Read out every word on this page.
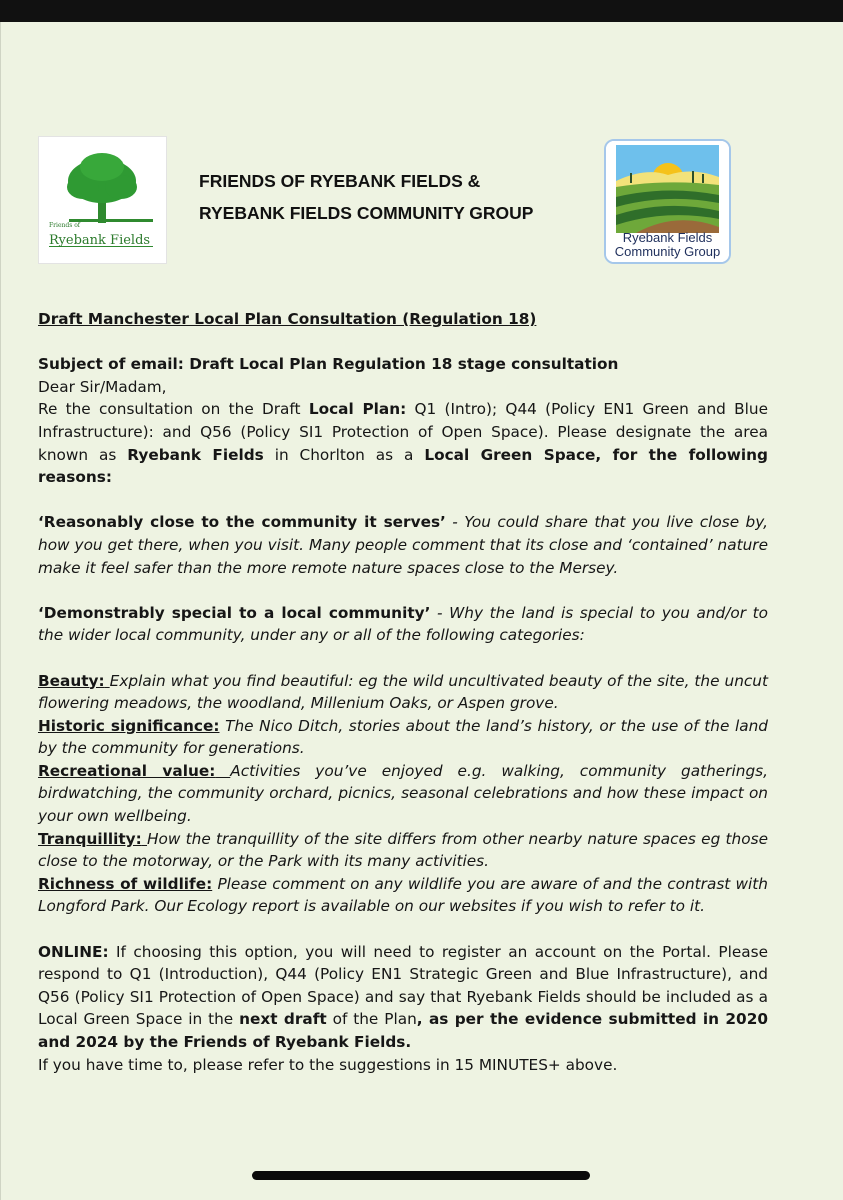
Friends of
Ryebank Fields
FRIENDS OF RYEBANK FIELDS &
RYEBANK FIELDS COMMUNITY GROUP
Ryebank Fields
Community Group

Draft Manchester Local Plan Consultation (Regulation 18)

Subject of email: Draft Local Plan Regulation 18 stage consultation

Dear Sir/Madam,

Re the consultation on the Draft Local Plan: Q1 (Intro); Q44 (Policy EN1 Green and Blue Infrastructure): and Q56 (Policy SI1 Protection of Open Space). Please designate the area known as Ryebank Fields in Chorlton as a Local Green Space, for the following reasons:

‘Reasonably close to the community it serves’ - You could share that you live close by, how you get there, when you visit. Many people comment that its close and ‘contained’ nature make it feel safer than the more remote nature spaces close to the Mersey.

‘Demonstrably special to a local community’ - Why the land is special to you and/or to the wider local community, under any or all of the following categories:

Beauty: Explain what you find beautiful: eg the wild uncultivated beauty of the site, the uncut flowering meadows, the woodland, Millenium Oaks, or Aspen grove.

Historic significance: The Nico Ditch, stories about the land’s history, or the use of the land by the community for generations.

Recreational value: Activities you’ve enjoyed e.g. walking, community gatherings, birdwatching, the community orchard, picnics, seasonal celebrations and how these impact on your own wellbeing.

Tranquillity: How the tranquillity of the site differs from other nearby nature spaces eg those close to the motorway, or the Park with its many activities.

Richness of wildlife: Please comment on any wildlife you are aware of and the contrast with Longford Park. Our Ecology report is available on our websites if you wish to refer to it.

ONLINE: If choosing this option, you will need to register an account on the Portal. Please respond to Q1 (Introduction), Q44 (Policy EN1 Strategic Green and Blue Infrastructure), and Q56 (Policy SI1 Protection of Open Space) and say that Ryebank Fields should be included as a Local Green Space in the next draft of the Plan, as per the evidence submitted in 2020 and 2024 by the Friends of Ryebank Fields.

If you have time to, please refer to the suggestions in 15 MINUTES+ above.
